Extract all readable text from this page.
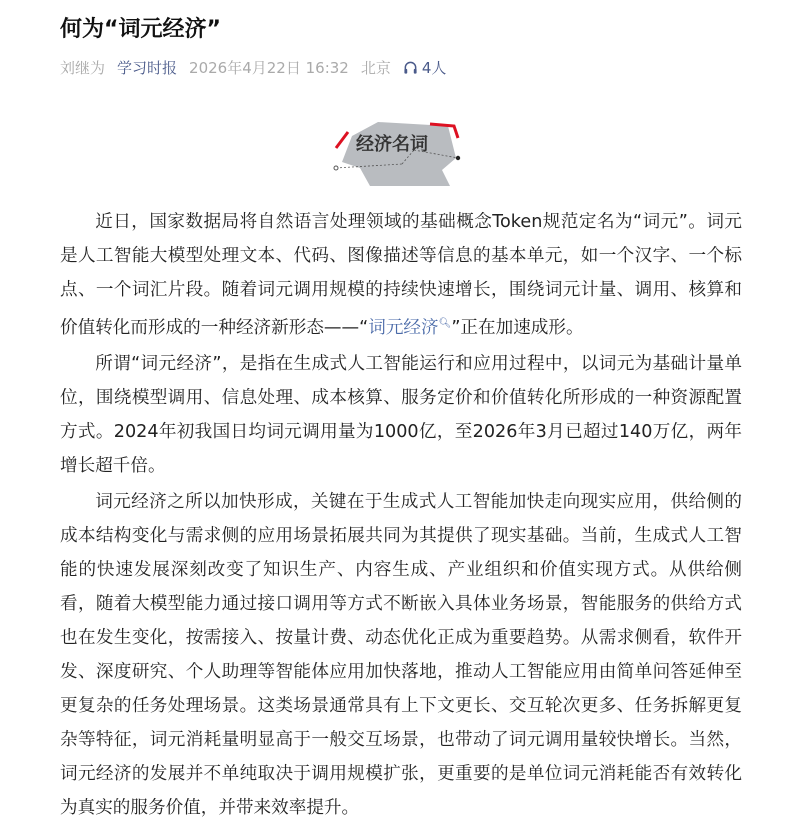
何为“词元经济”
刘继为 学习时报 2026年4月22日 16:32 北京 4人
经济名词

近日，国家数据局将自然语言处理领域的基础概念Token规范定名为“词元”。词元是人工智能大模型处理文本、代码、图像描述等信息的基本单元，如一个汉字、一个标点、一个词汇片段。随着词元调用规模的持续快速增长，围绕词元计量、调用、核算和价值转化而形成的一种经济新形态——“词元经济🔍︎”正在加速成形。

所谓“词元经济”，是指在生成式人工智能运行和应用过程中，以词元为基础计量单位，围绕模型调用、信息处理、成本核算、服务定价和价值转化所形成的一种资源配置方式。2024年初我国日均词元调用量为1000亿，至2026年3月已超过140万亿，两年增长超千倍。

词元经济之所以加快形成，关键在于生成式人工智能加快走向现实应用，供给侧的成本结构变化与需求侧的应用场景拓展共同为其提供了现实基础。当前，生成式人工智能的快速发展深刻改变了知识生产、内容生成、产业组织和价值实现方式。从供给侧看，随着大模型能力通过接口调用等方式不断嵌入具体业务场景，智能服务的供给方式也在发生变化，按需接入、按量计费、动态优化正成为重要趋势。从需求侧看，软件开发、深度研究、个人助理等智能体应用加快落地，推动人工智能应用由简单问答延伸至更复杂的任务处理场景。这类场景通常具有上下文更长、交互轮次更多、任务拆解更复杂等特征，词元消耗量明显高于一般交互场景，也带动了词元调用量较快增长。当然，词元经济的发展并不单纯取决于调用规模扩张，更重要的是单位词元消耗能否有效转化为真实的服务价值，并带来效率提升。
